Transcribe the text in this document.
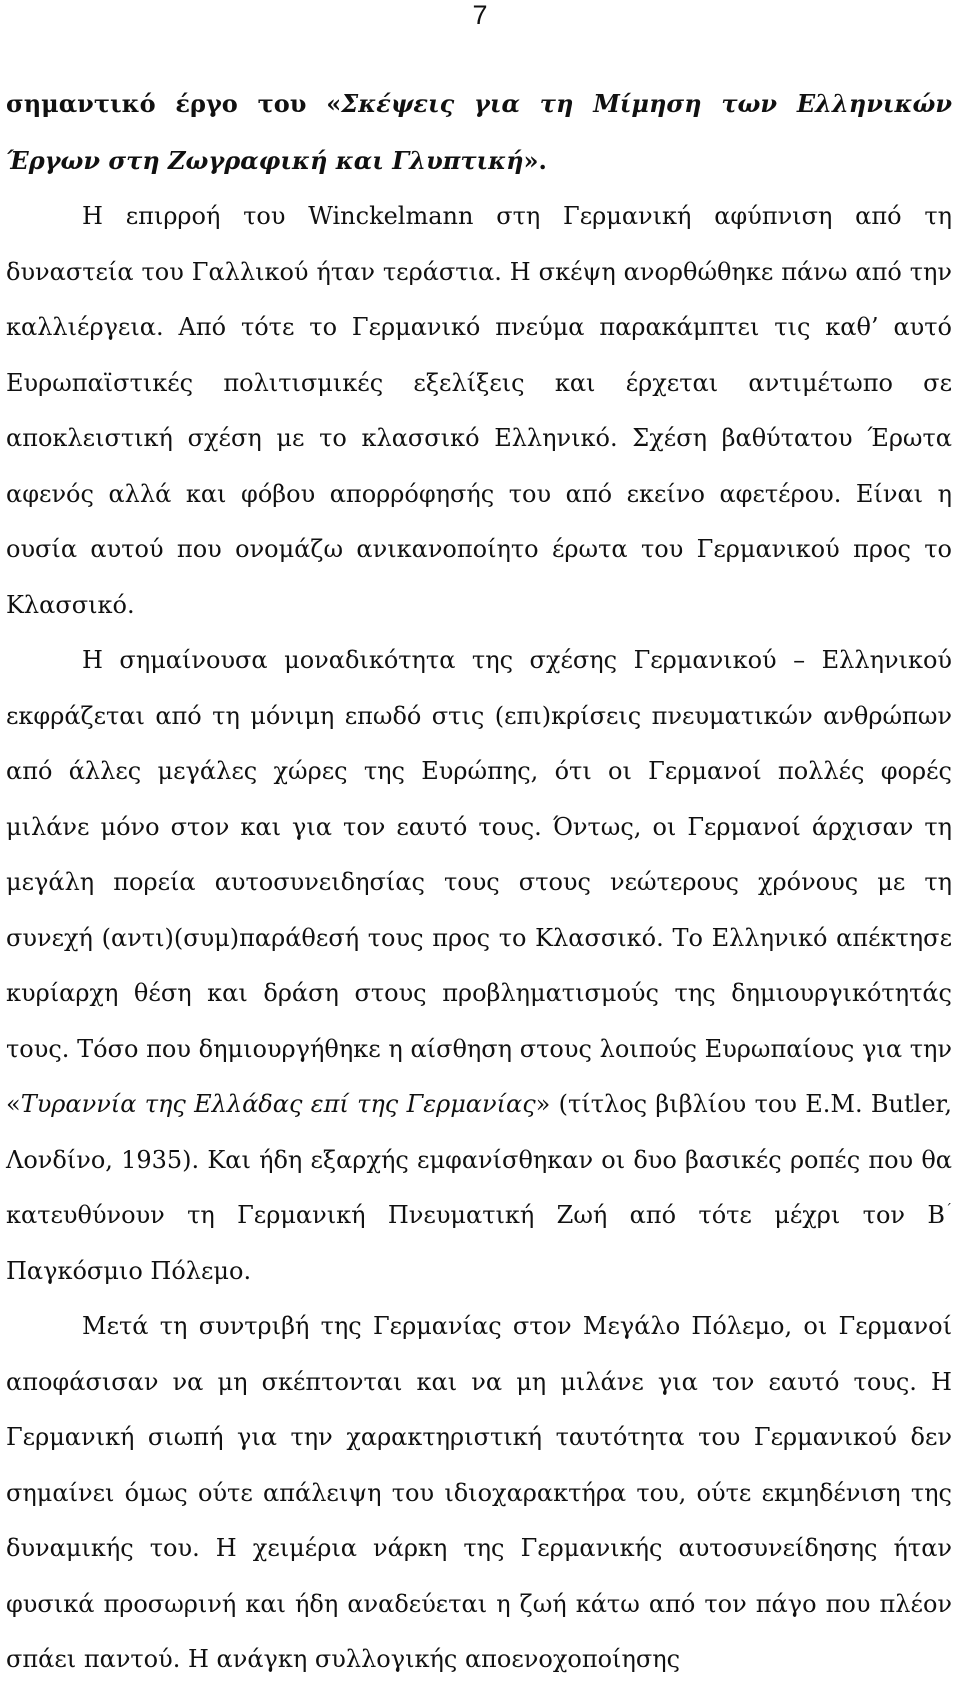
7

σημαντικό έργο του «Σκέψεις για τη Μίμηση των Ελληνικών Έργων στη Ζωγραφική και Γλυπτική».

Η επιρροή του Winckelmann στη Γερμανική αφύπνιση από τη δυναστεία του Γαλλικού ήταν τεράστια. Η σκέψη ανορθώθηκε πάνω από την καλλιέργεια. Από τότε το Γερμανικό πνεύμα παρακάμπτει τις καθ’ αυτό Ευρωπαϊστικές πολιτισμικές εξελίξεις και έρχεται αντιμέτωπο σε αποκλειστική σχέση με το κλασσικό Ελληνικό. Σχέση βαθύτατου Έρωτα αφενός αλλά και φόβου απορρόφησής του από εκείνο αφετέρου. Είναι η ουσία αυτού που ονομάζω ανικανοποίητο έρωτα του Γερμανικού προς το Κλασσικό.

Η σημαίνουσα μοναδικότητα της σχέσης Γερμανικού – Ελληνικού εκφράζεται από τη μόνιμη επωδό στις (επι)κρίσεις πνευματικών ανθρώπων από άλλες μεγάλες χώρες της Ευρώπης, ότι οι Γερμανοί πολλές φορές μιλάνε μόνο στον και για τον εαυτό τους. Όντως, οι Γερμανοί άρχισαν τη μεγάλη πορεία αυτοσυνειδησίας τους στους νεώτερους χρόνους με τη συνεχή (αντι)(συμ)παράθεσή τους προς το Κλασσικό. Το Ελληνικό απέκτησε κυρίαρχη θέση και δράση στους προβληματισμούς της δημιουργικότητάς τους. Τόσο που δημιουργήθηκε η αίσθηση στους λοιπούς Ευρωπαίους για την «Τυραννία της Ελλάδας επί της Γερμανίας» (τίτλος βιβλίου του E.M. Butler, Λονδίνο, 1935). Και ήδη εξαρχής εμφανίσθηκαν οι δυο βασικές ροπές που θα κατευθύνουν τη Γερμανική Πνευματική Ζωή από τότε μέχρι τον Β΄ Παγκόσμιο Πόλεμο.

Μετά τη συντριβή της Γερμανίας στον Μεγάλο Πόλεμο, οι Γερμανοί αποφάσισαν να μη σκέπτονται και να μη μιλάνε για τον εαυτό τους. Η Γερμανική σιωπή για την χαρακτηριστική ταυτότητα του Γερμανικού δεν σημαίνει όμως ούτε απάλειψη του ιδιοχαρακτήρα του, ούτε εκμηδένιση της δυναμικής του. Η χειμέρια νάρκη της Γερμανικής αυτοσυνείδησης ήταν φυσικά προσωρινή και ήδη αναδεύεται η ζωή κάτω από τον πάγο που πλέον σπάει παντού. Η ανάγκη συλλογικής αποενοχοποίησης
